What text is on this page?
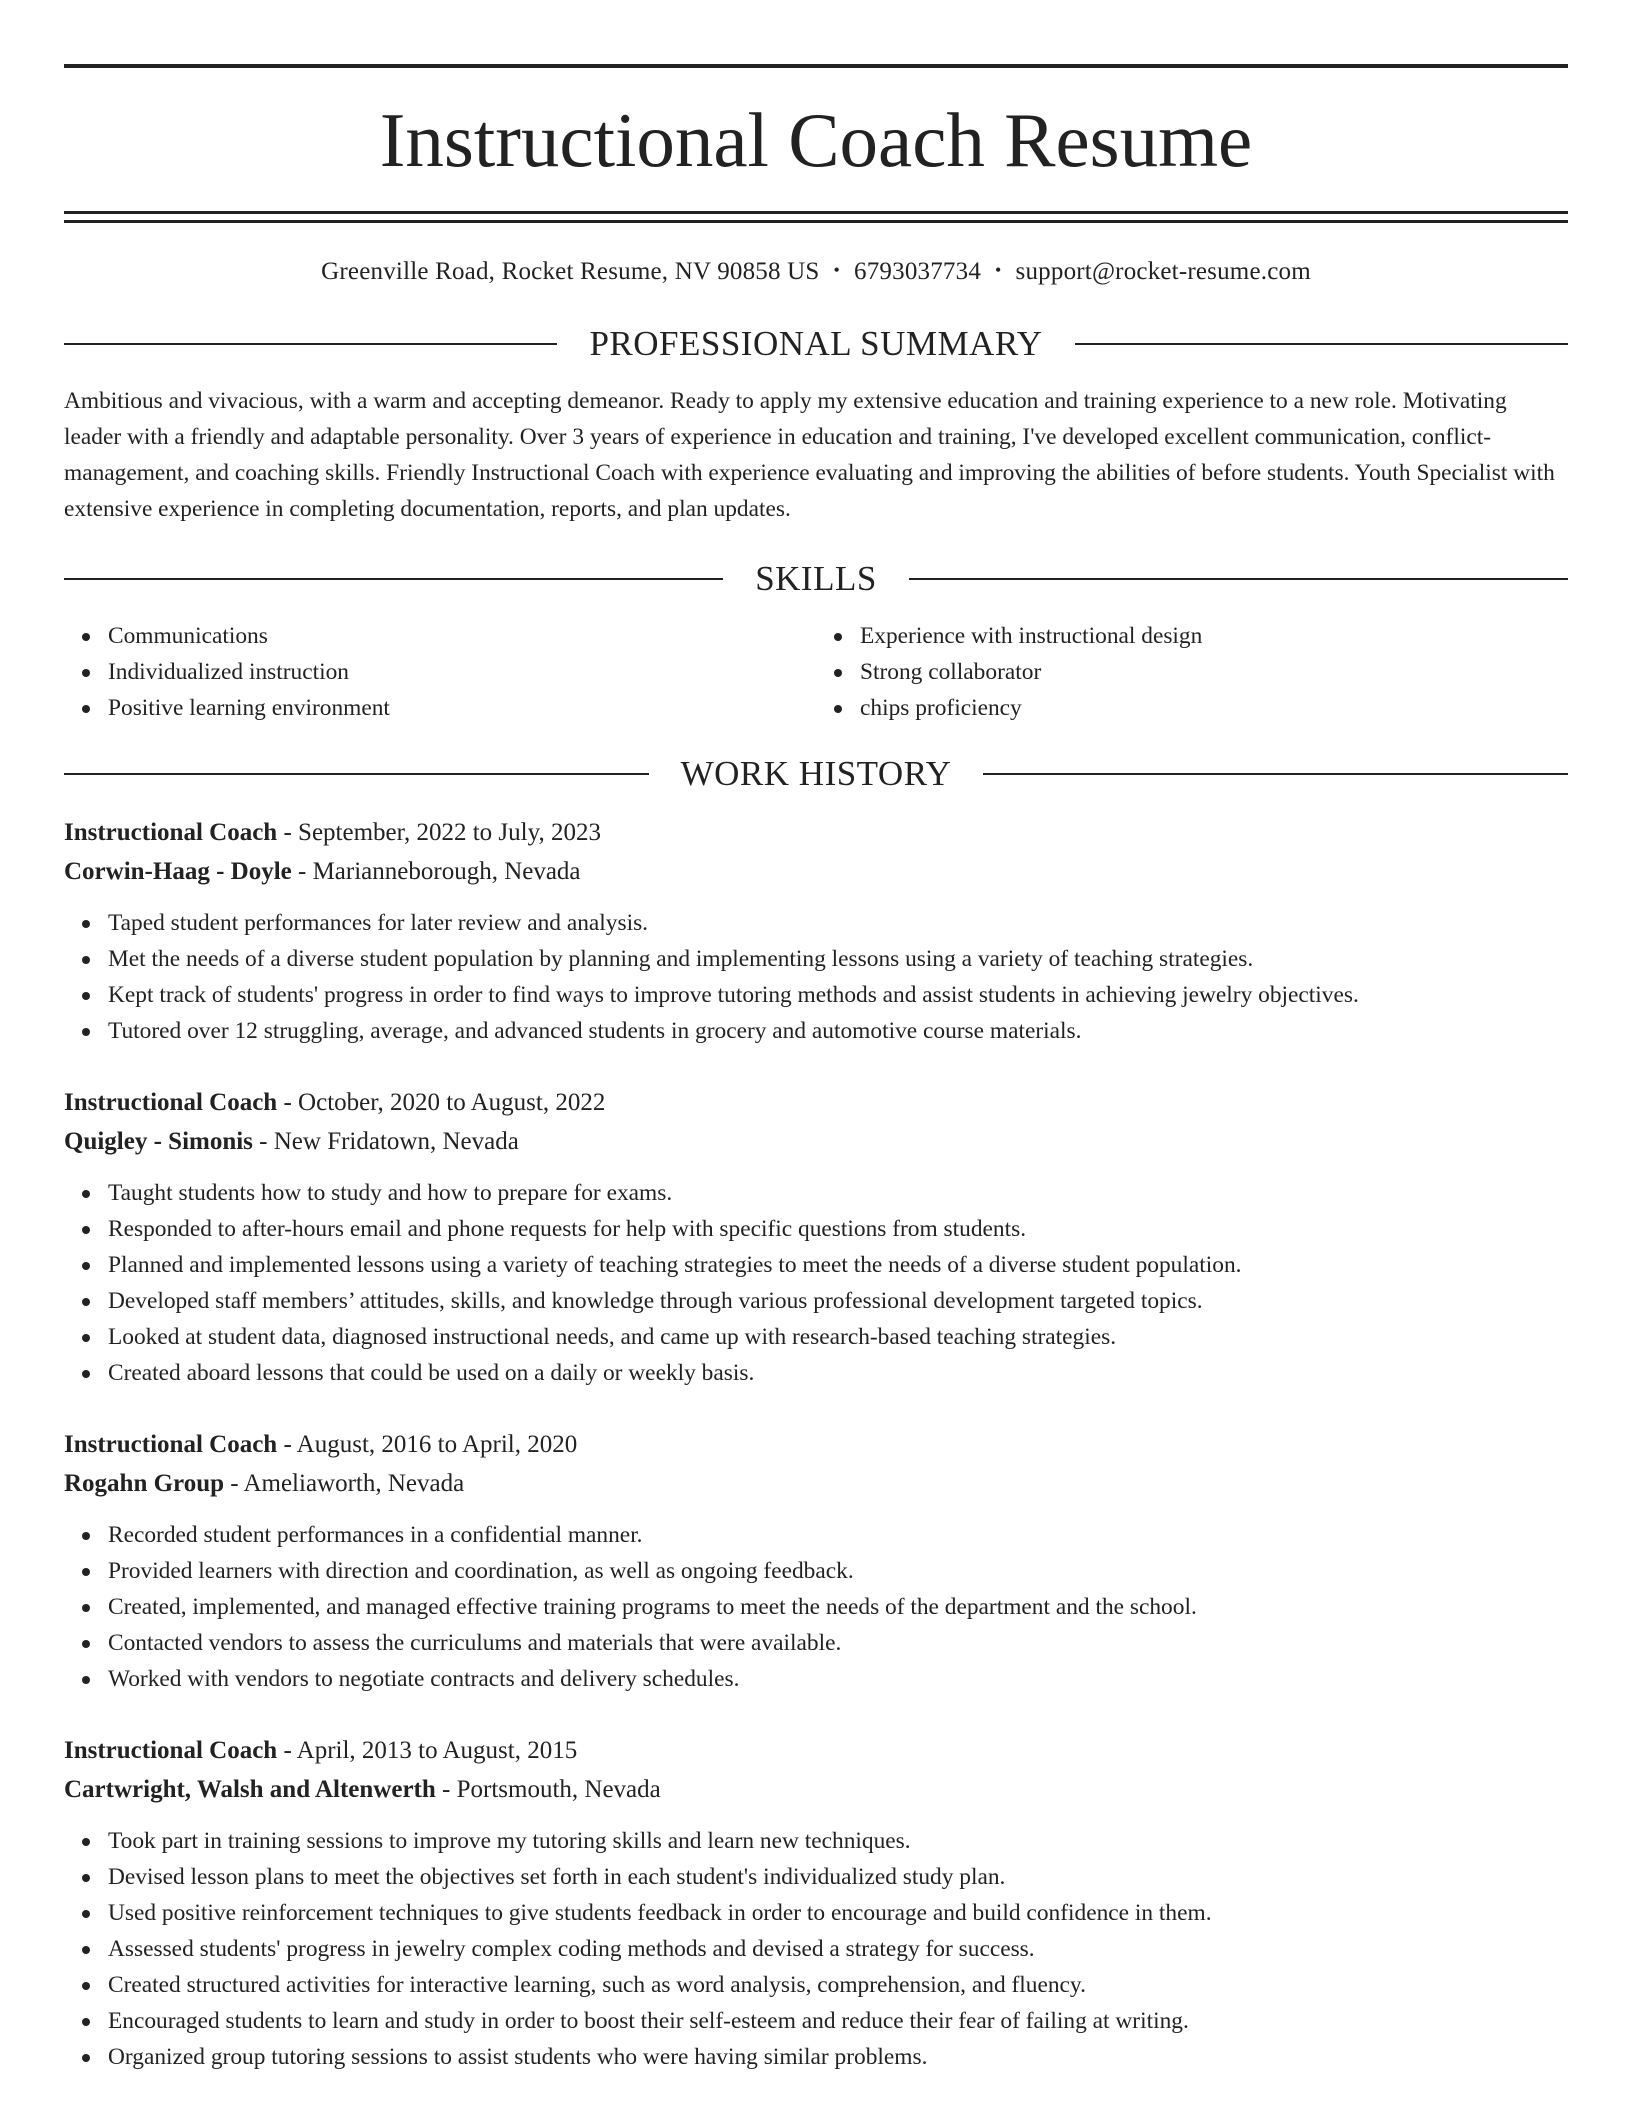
Instructional Coach Resume
Greenville Road, Rocket Resume, NV 90858 US • 6793037734 • support@rocket-resume.com
PROFESSIONAL SUMMARY
Ambitious and vivacious, with a warm and accepting demeanor. Ready to apply my extensive education and training experience to a new role. Motivating leader with a friendly and adaptable personality. Over 3 years of experience in education and training, I've developed excellent communication, conflict-management, and coaching skills. Friendly Instructional Coach with experience evaluating and improving the abilities of before students. Youth Specialist with extensive experience in completing documentation, reports, and plan updates.
SKILLS
Communications
Individualized instruction
Positive learning environment
Experience with instructional design
Strong collaborator
chips proficiency
WORK HISTORY
Instructional Coach - September, 2022 to July, 2023
Corwin-Haag - Doyle - Marianneborough, Nevada
Taped student performances for later review and analysis.
Met the needs of a diverse student population by planning and implementing lessons using a variety of teaching strategies.
Kept track of students' progress in order to find ways to improve tutoring methods and assist students in achieving jewelry objectives.
Tutored over 12 struggling, average, and advanced students in grocery and automotive course materials.
Instructional Coach - October, 2020 to August, 2022
Quigley - Simonis - New Fridatown, Nevada
Taught students how to study and how to prepare for exams.
Responded to after-hours email and phone requests for help with specific questions from students.
Planned and implemented lessons using a variety of teaching strategies to meet the needs of a diverse student population.
Developed staff members’ attitudes, skills, and knowledge through various professional development targeted topics.
Looked at student data, diagnosed instructional needs, and came up with research-based teaching strategies.
Created aboard lessons that could be used on a daily or weekly basis.
Instructional Coach - August, 2016 to April, 2020
Rogahn Group - Ameliaworth, Nevada
Recorded student performances in a confidential manner.
Provided learners with direction and coordination, as well as ongoing feedback.
Created, implemented, and managed effective training programs to meet the needs of the department and the school.
Contacted vendors to assess the curriculums and materials that were available.
Worked with vendors to negotiate contracts and delivery schedules.
Instructional Coach - April, 2013 to August, 2015
Cartwright, Walsh and Altenwerth - Portsmouth, Nevada
Took part in training sessions to improve my tutoring skills and learn new techniques.
Devised lesson plans to meet the objectives set forth in each student's individualized study plan.
Used positive reinforcement techniques to give students feedback in order to encourage and build confidence in them.
Assessed students' progress in jewelry complex coding methods and devised a strategy for success.
Created structured activities for interactive learning, such as word analysis, comprehension, and fluency.
Encouraged students to learn and study in order to boost their self-esteem and reduce their fear of failing at writing.
Organized group tutoring sessions to assist students who were having similar problems.
